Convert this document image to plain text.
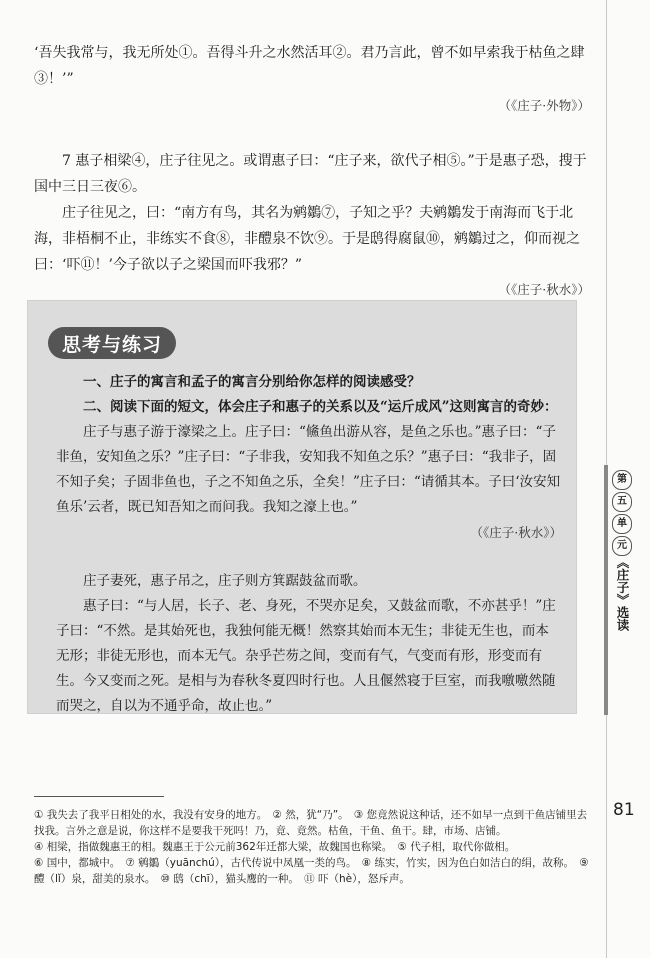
‘吾失我常与，我无所处①。吾得斗升之水然活耳②。君乃言此，曾不如早索我于枯鱼之肆③！’”

（《庄子·外物》）

7 惠子相梁④，庄子往见之。或谓惠子曰：“庄子来，欲代子相⑤。”于是惠子恐，搜于国中三日三夜⑥。

庄子往见之，曰：“南方有鸟，其名为鹓鶵⑦，子知之乎？夫鹓鶵发于南海而飞于北海，非梧桐不止，非练实不食⑧，非醴泉不饮⑨。于是鸱得腐鼠⑩，鹓鶵过之，仰而视之曰：‘吓⑪！’今子欲以子之梁国而吓我邪？”

（《庄子·秋水》）
思考与练习

一、庄子的寓言和孟子的寓言分别给你怎样的阅读感受？

二、阅读下面的短文，体会庄子和惠子的关系以及“运斤成风”这则寓言的奇妙：

庄子与惠子游于濠梁之上。庄子曰：“鯈鱼出游从容，是鱼之乐也。”惠子曰：“子非鱼，安知鱼之乐？”庄子曰：“子非我，安知我不知鱼之乐？”惠子曰：“我非子，固不知子矣；子固非鱼也，子之不知鱼之乐，全矣！”庄子曰：“请循其本。子曰‘汝安知鱼乐’云者，既已知吾知之而问我。我知之濠上也。”

（《庄子·秋水》）

庄子妻死，惠子吊之，庄子则方箕踞鼓盆而歌。

惠子曰：“与人居，长子、老、身死，不哭亦足矣，又鼓盆而歌，不亦甚乎！”庄子曰：“不然。是其始死也，我独何能无概！然察其始而本无生；非徒无生也，而本无形；非徒无形也，而本无气。杂乎芒芴之间，变而有气，气变而有形，形变而有生。今又变而之死。是相与为春秋冬夏四时行也。人且偃然寝于巨室，而我噭噭然随而哭之，自以为不通乎命，故止也。”

第
五
单
元
《庄子》选读
81

① 我失去了我平日相处的水，我没有安身的地方。　② 然，犹“乃”。　③ 您竟然说这种话，还不如早一点到干鱼店铺里去找我。言外之意是说，你这样不是要我干死吗！乃，竟、竟然。枯鱼，干鱼、鱼干。肆，市场、店铺。

④ 相梁，指做魏惠王的相。魏惠王于公元前362年迁都大梁，故魏国也称梁。　⑤ 代子相，取代你做相。

⑥ 国中，都城中。　⑦ 鹓鶵（yuānchú），古代传说中凤凰一类的鸟。　⑧ 练实，竹实，因为色白如洁白的绢，故称。　⑨ 醴（lǐ）泉，甜美的泉水。　⑩ 鸱（chī），猫头鹰的一种。　⑪ 吓（hè），怒斥声。
